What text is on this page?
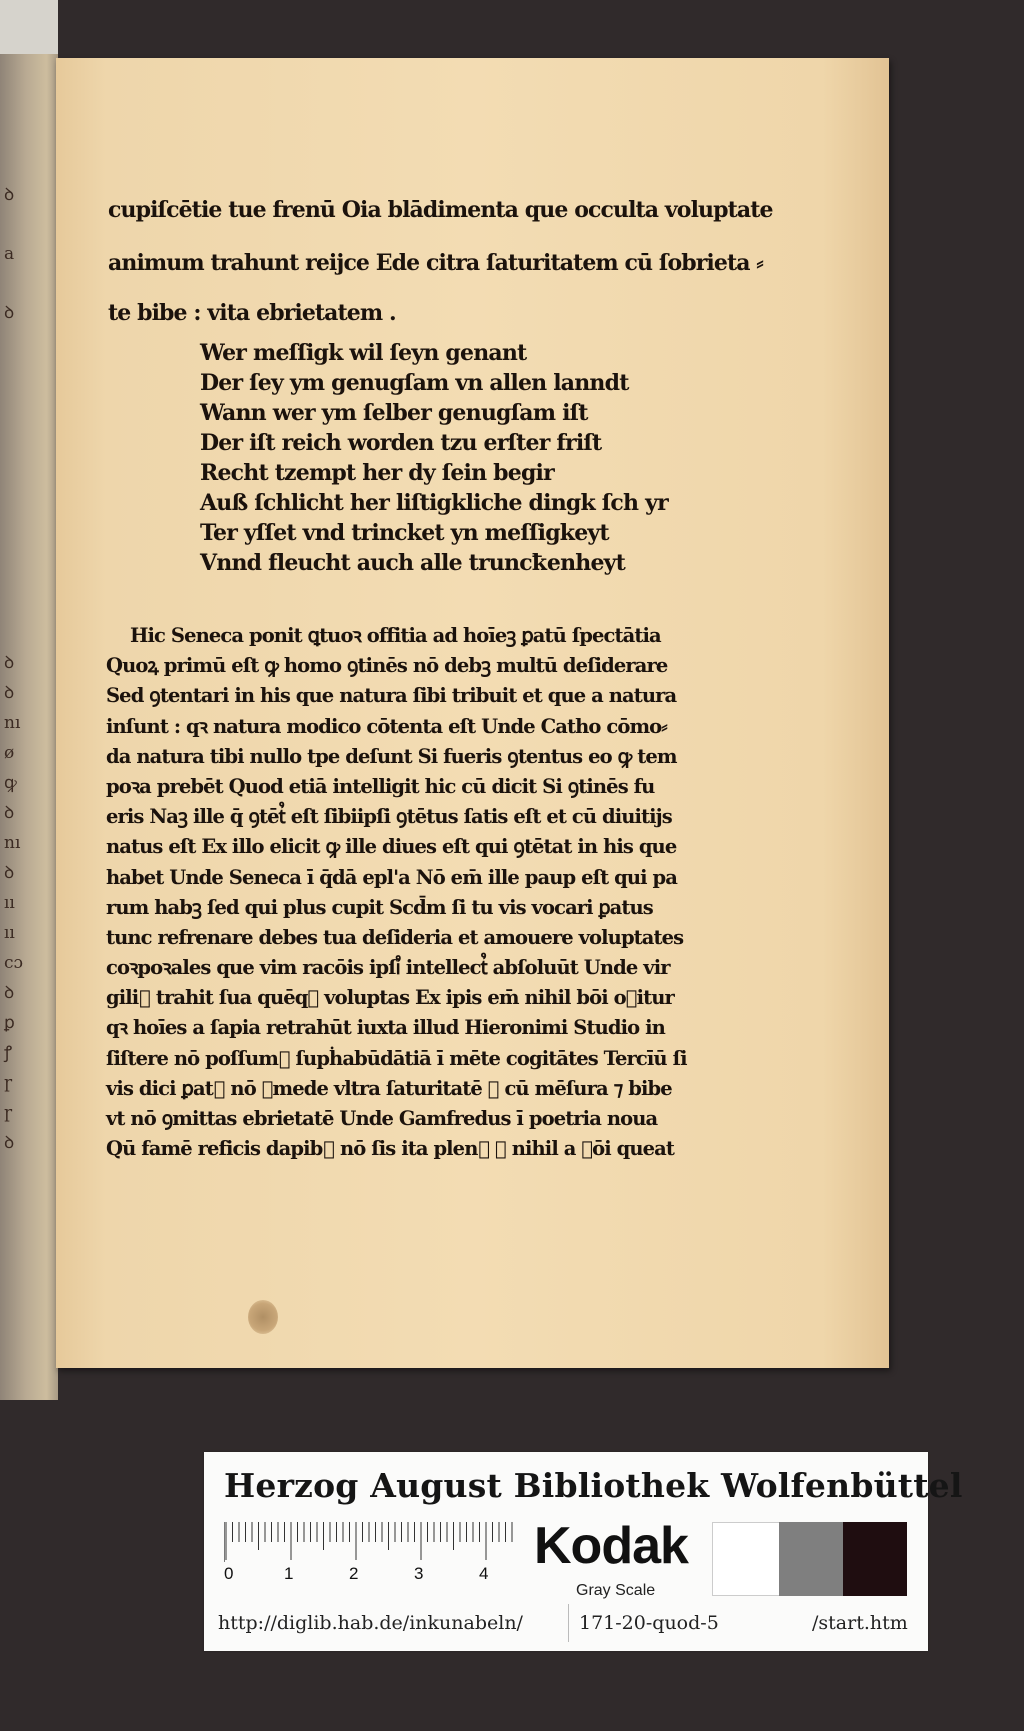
ꝺ
a
ꝺ
ꝺ
ꝺ
nı
ø
ꝙ
ꝺ
nı
ꝺ
ıı
ıı
cɔ
ꝺ
ꝑ
ꝭ
ɼ
ɼ
ꝺ
cupiſcētie tue frenū Oia blādimenta que occulta voluptate
animum trahunt reijce Ede citra ſaturitatem cū ſobrieta ⸗
te bibe : vita ebrietatem .
Wer meſſigk wil ſeyn genant
Der ſey ym genugſam vn allen lanndt
Wann wer ym ſelber genugſam iſt
Der iſt reich worden tzu erſter friſt
Recht tzempt her dy ſein begir
Auß ſchlicht her liſtigkliche dingk ſch yr
Ter yſſet vnd trincket yn meſſigkeyt
Vnnd fleucht auch alle truncꝁenheyt
Hic Seneca ponit ꝗtuoꝛ offitia ad hoīeꝫ ꝑatū ſpectātia
Quoꝝ primū eſt ꝙ homo ꝯtinēs nō debꝫ multū deſiderare
Sed ꝯtentari in his que natura ſibi tribuit et que a natura
inſunt : qꝛ natura modico cōtenta eſt Unde Catho cōmo⸗
da natura tibi nullo tpe deſunt Si fueris ꝯtentus eo ꝙ tem
poꝛa prebēt Quod etiā intelligit hic cū dicit Si ꝯtinēs fu
eris Naꝫ ille q̄ ꝯtēt᷒ eſt ſibiipſi ꝯtētus ſatis eſt et cū diuitijs
natus eſt Ex illo elicit ꝙ ille diues eſt qui ꝯtētat in his que
habet Unde Seneca ī q̄dā epl'a Nō em̄ ille paup eſt qui pa
rum habꝫ ſed qui plus cupit Scd̄m ſi tu vis vocari ꝑatus
tunc refrenare debes tua deſideria et amouere voluptates
coꝛpoꝛales que vim racōis ipſi᷒ intellect᷒ abſoluūt Unde vir
gili᷒ trahit ſua quēqꝫ voluptas Ex ipis em̄ nihil bōi oꝛitur
qꝛ hoīes a ſapia retrahūt iuxta illud Hieronimi Studio in
ſiſtere nō poſſum᷒ ſupḣabūdātiā ī mēte cogitātes Tercīū ſi
vis dici ꝑat᷒ nō ꝯmede vltra ſaturitatē ꝭ cū mēſura ⁊ bibe
vt nō ꝯmittas ebrietatē Unde Gamfredus ī poetria noua
Qū famē reficis dapib᷒ nō ſis ita plen᷒ ꝙ nihil a ꝓōi queat
Herzog August Bibliothek Wolfenbüttel
0	1	2	3	4 Kodak
Gray Scale
http://diglib.hab.de/inkunabeln/	171-20-quod-5	/start.htm
